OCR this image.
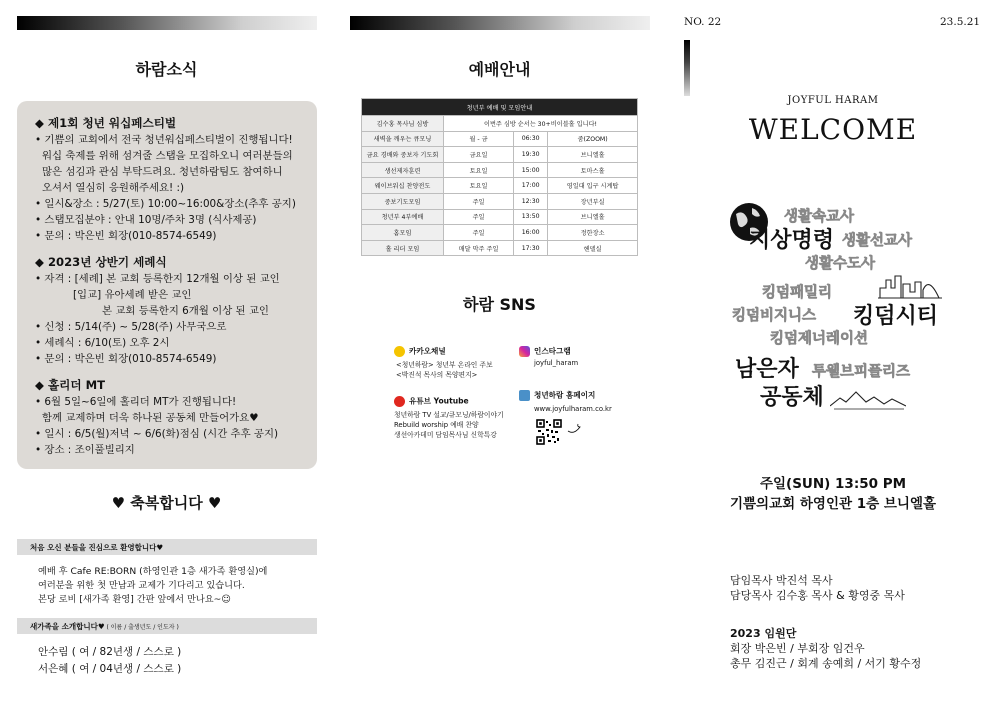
하람소식
◆ 제1회 청년 워십페스티벌
• 기쁨의 교회에서 전국 청년워십페스티벌이 진행됩니다!
워십 축제를 위해 섬겨줄 스탭을 모집하오니 여러분들의
많은 섬김과 관심 부탁드려요. 청년하람팀도 참여하니
오셔서 열심히 응원해주세요! :)
• 일시&장소 : 5/27(토) 10:00~16:00&장소(추후 공지)
• 스탭모집분야 : 안내 10명/주차 3명 (식사제공)
• 문의 : 박은빈 회장(010-8574-6549)
◆ 2023년 상반기 세례식
• 자격 : [세례] 본 교회 등록한지 12개월 이상 된 교인
[입교] 유아세례 받은 교인
본 교회 등록한지 6개월 이상 된 교인
• 신청 : 5/14(주) ~ 5/28(주) 사무국으로
• 세례식 : 6/10(토) 오후 2시
• 문의 : 박은빈 회장(010-8574-6549)
◆ 홀리더 MT
• 6월 5일~6일에 홀리더 MT가 진행됩니다!
함께 교제하며 더욱 하나된 공동체 만들어가요♥
• 일시 : 6/5(월)저녁 ~ 6/6(화)점심 (시간 추후 공지)
• 장소 : 조이풀빌리지
♥ 축복합니다 ♥
처음 오신 분들을 진심으로 환영합니다♥
예배 후 Cafe RE:BORN (하영인관 1층 새가족 환영실)에
여러분을 위한 첫 만남과 교제가 기다리고 있습니다.
본당 로비 [새가족 환영] 간판 앞에서 만나요~☺
새가족을 소개합니다♥ ( 이름 / 출생년도 / 인도자 )
안수림 ( 여 / 82년생 / 스스로 )
서은혜 ( 여 / 04년생 / 스스로 )
예배안내
청년부 예배 및 모임안내			
김수홍 목사님 심방	이번주 심방 순서는 30+비이블홀 입니다!		
새벽을 깨우는 큐모닝	월 - 금	06:30	줌(ZOOM)
금요 경배와 중보자 기도회	금요일	19:30	브니엘홀
생선제자훈련	토요일	15:00	토마스홀
웨이브워십 찬양전도	토요일	17:00	영일대 입구 시계탑
중보기도모임	주일	12:30	장년부실
청년부 4부예배	주일	13:50	브니엘홀
홈모임	주일	16:00	정한장소
홀 리더 모임	매달 막주 주일	17:30	헨델실
하람 SNS
카카오채널
<청년하람> 청년부 온라인 주보
<박진석 목사의 목양편지>
유튜브 Youtube
청년하람 TV 설교/큐모닝/하람이야기
Rebuild worship 예배 찬양
생선아카데미 담임목사님 신학특강
인스타그램
joyful_haram
청년하람 홈페이지
www.joyfulharam.co.kr
NO. 22	23.5.21
JOYFUL HARAM
WELCOME
생활속교사
지상명령 생활선교사
생활수도사
킹덤패밀리
킹덤비지니스 킹덤시티
킹덤제너레이션
남은자 투웰브피플리즈
공동체
주일(SUN) 13:50 PM
기쁨의교회 하영인관 1층 브니엘홀
담임목사 박진석 목사
담당목사 김수홍 목사 & 황영중 목사
2023 임원단
회장 박은빈 / 부회장 임건우
총무 김진근 / 회계 송예희 / 서기 황수정
